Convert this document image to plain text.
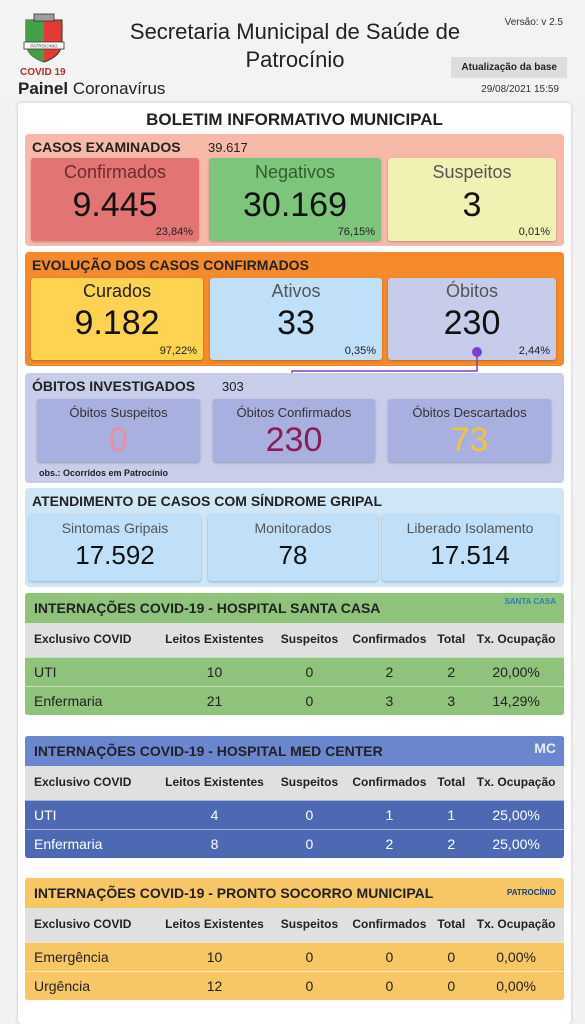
PATROCINIO
COVID 19
Painel Coronavírus
Secretaria Municipal de Saúde de Patrocínio
Versão: v 2.5
Atualização da base
29/08/2021 15:59
BOLETIM INFORMATIVO MUNICIPAL
CASOS EXAMINADOS 39.617
Confirmados
9.445
23,84%
Negativos
30.169
76,15%
Suspeitos
3
0,01%
EVOLUÇÃO DOS CASOS CONFIRMADOS
Curados
9.182
97,22%
Ativos
33
0,35%
Óbitos
230
2,44%
ÓBITOS INVESTIGADOS 303
Óbitos Suspeitos
0
Óbitos Confirmados
230
Óbitos Descartados
73
obs.: Ocorridos em Patrocínio
ATENDIMENTO DE CASOS COM SÍNDROME GRIPAL
Sintomas Gripais
17.592
Monitorados
78
Liberado Isolamento
17.514
INTERNAÇÕES COVID-19 - HOSPITAL SANTA CASA	SANTA CASA
Exclusivo COVID	Leitos Existentes	Suspeitos	Confirmados	Total	Tx. Ocupação
UTI	10	0	2	2	20,00%
Enfermaria	21	0	3	3	14,29%
INTERNAÇÕES COVID-19 - HOSPITAL MED CENTER	MC
Exclusivo COVID	Leitos Existentes	Suspeitos	Confirmados	Total	Tx. Ocupação
UTI	4	0	1	1	25,00%
Enfermaria	8	0	2	2	25,00%
INTERNAÇÕES COVID-19 - PRONTO SOCORRO MUNICIPAL	PATROCÍNIO
Exclusivo COVID	Leitos Existentes	Suspeitos	Confirmados	Total	Tx. Ocupação
Emergência	10	0	0	0	0,00%
Urgência	12	0	0	0	0,00%
